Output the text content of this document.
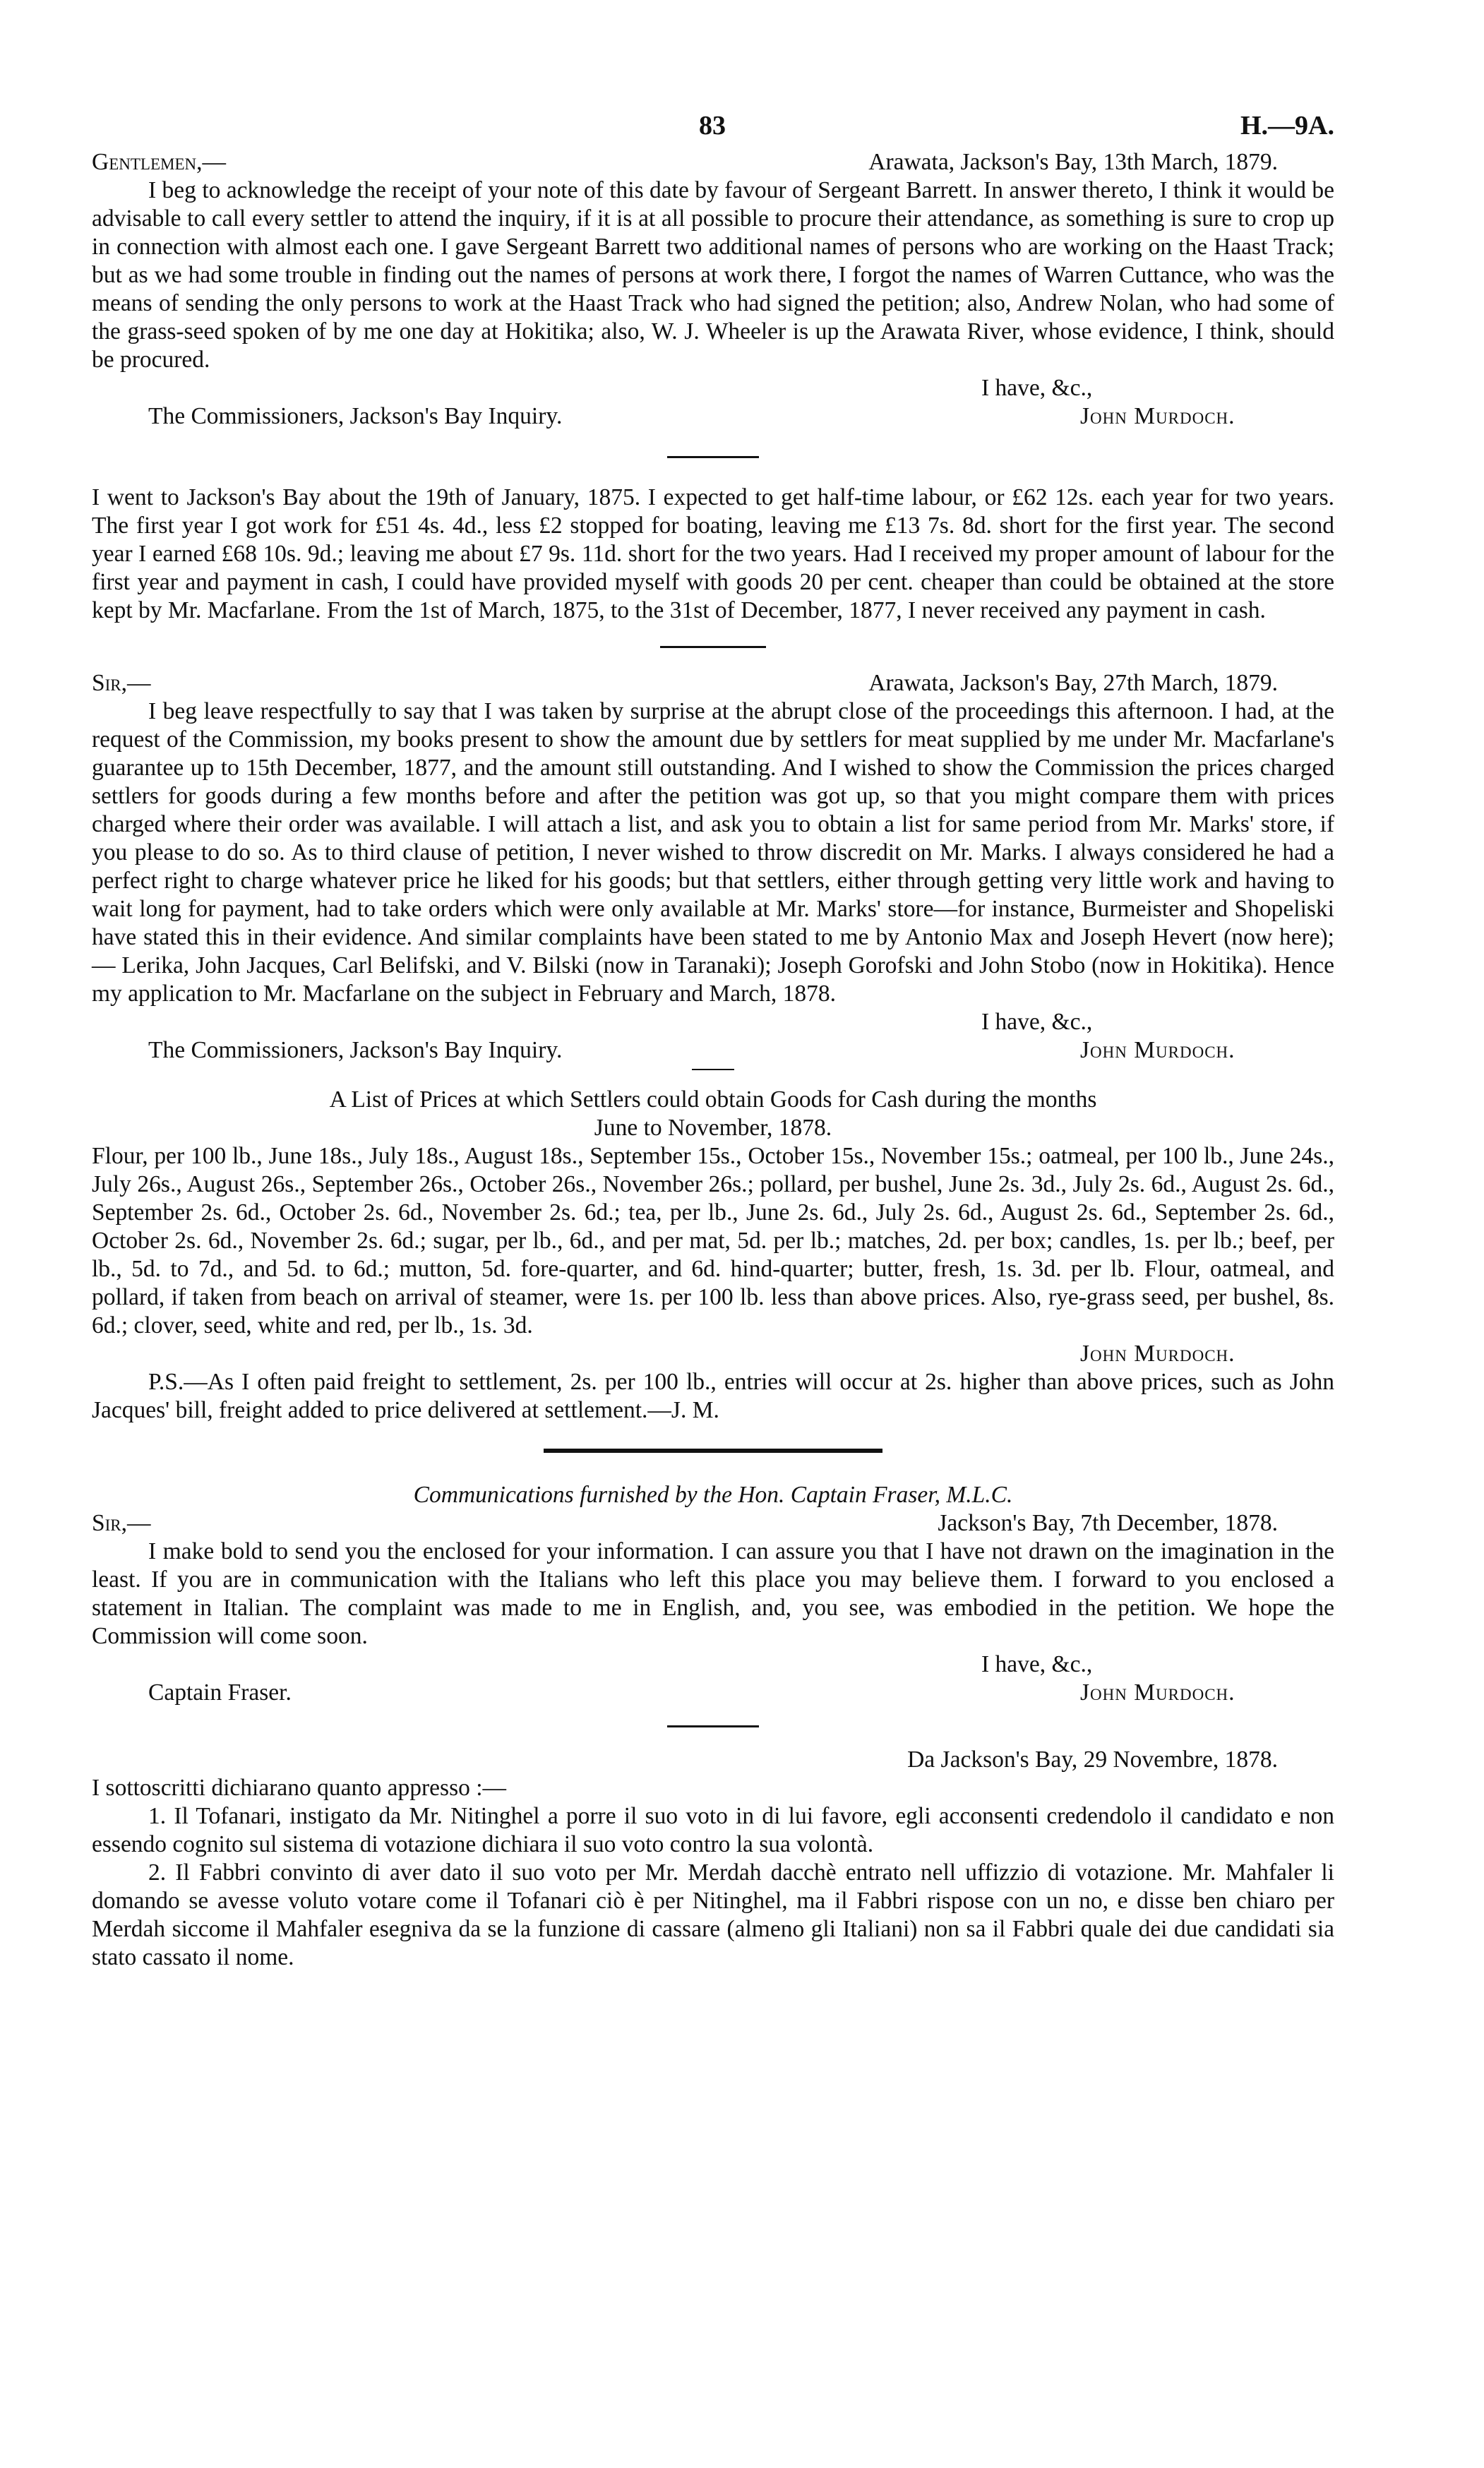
83	H.—9A.
Gentlemen,—	Arawata, Jackson's Bay, 13th March, 1879.

I beg to acknowledge the receipt of your note of this date by favour of Sergeant Barrett. In answer thereto, I think it would be advisable to call every settler to attend the inquiry, if it is at all possible to procure their attendance, as something is sure to crop up in connection with almost each one. I gave Sergeant Barrett two additional names of persons who are working on the Haast Track; but as we had some trouble in finding out the names of persons at work there, I forgot the names of Warren Cuttance, who was the means of sending the only persons to work at the Haast Track who had signed the petition; also, Andrew Nolan, who had some of the grass-seed spoken of by me one day at Hokitika; also, W. J. Wheeler is up the Arawata River, whose evidence, I think, should be procured.

I have, &c.,
The Commissioners, Jackson's Bay Inquiry.	John Murdoch.

I went to Jackson's Bay about the 19th of January, 1875. I expected to get half-time labour, or £62 12s. each year for two years. The first year I got work for £51 4s. 4d., less £2 stopped for boating, leaving me £13 7s. 8d. short for the first year. The second year I earned £68 10s. 9d.; leaving me about £7 9s. 11d. short for the two years. Had I received my proper amount of labour for the first year and payment in cash, I could have provided myself with goods 20 per cent. cheaper than could be obtained at the store kept by Mr. Macfarlane. From the 1st of March, 1875, to the 31st of December, 1877, I never received any payment in cash.

Sir,—	Arawata, Jackson's Bay, 27th March, 1879.

I beg leave respectfully to say that I was taken by surprise at the abrupt close of the proceedings this afternoon. I had, at the request of the Commission, my books present to show the amount due by settlers for meat supplied by me under Mr. Macfarlane's guarantee up to 15th December, 1877, and the amount still outstanding. And I wished to show the Commission the prices charged settlers for goods during a few months before and after the petition was got up, so that you might compare them with prices charged where their order was available. I will attach a list, and ask you to obtain a list for same period from Mr. Marks' store, if you please to do so. As to third clause of petition, I never wished to throw discredit on Mr. Marks. I always considered he had a perfect right to charge whatever price he liked for his goods; but that settlers, either through getting very little work and having to wait long for payment, had to take orders which were only available at Mr. Marks' store—for instance, Burmeister and Shopeliski have stated this in their evidence. And similar complaints have been stated to me by Antonio Max and Joseph Hevert (now here); — Lerika, John Jacques, Carl Belifski, and V. Bilski (now in Taranaki); Joseph Gorofski and John Stobo (now in Hokitika). Hence my application to Mr. Macfarlane on the subject in February and March, 1878.

I have, &c.,
The Commissioners, Jackson's Bay Inquiry.	John Murdoch.

A List of Prices at which Settlers could obtain Goods for Cash during the months

June to November, 1878.

Flour, per 100 lb., June 18s., July 18s., August 18s., September 15s., October 15s., November 15s.; oatmeal, per 100 lb., June 24s., July 26s., August 26s., September 26s., October 26s., November 26s.; pollard, per bushel, June 2s. 3d., July 2s. 6d., August 2s. 6d., September 2s. 6d., October 2s. 6d., November 2s. 6d.; tea, per lb., June 2s. 6d., July 2s. 6d., August 2s. 6d., September 2s. 6d., October 2s. 6d., November 2s. 6d.; sugar, per lb., 6d., and per mat, 5d. per lb.; matches, 2d. per box; candles, 1s. per lb.; beef, per lb., 5d. to 7d., and 5d. to 6d.; mutton, 5d. fore-quarter, and 6d. hind-quarter; butter, fresh, 1s. 3d. per lb. Flour, oatmeal, and pollard, if taken from beach on arrival of steamer, were 1s. per 100 lb. less than above prices. Also, rye-grass seed, per bushel, 8s. 6d.; clover, seed, white and red, per lb., 1s. 3d.

John Murdoch.

P.S.—As I often paid freight to settlement, 2s. per 100 lb., entries will occur at 2s. higher than above prices, such as John Jacques' bill, freight added to price delivered at settlement.—J. M.

Communications furnished by the Hon. Captain Fraser, M.L.C.

Sir,—	Jackson's Bay, 7th December, 1878.

I make bold to send you the enclosed for your information. I can assure you that I have not drawn on the imagination in the least. If you are in communication with the Italians who left this place you may believe them. I forward to you enclosed a statement in Italian. The complaint was made to me in English, and, you see, was embodied in the petition. We hope the Commission will come soon.

I have, &c.,
Captain Fraser.	John Murdoch.

Da Jackson's Bay, 29 Novembre, 1878.

I sottoscritti dichiarano quanto appresso :—

1. Il Tofanari, instigato da Mr. Nitinghel a porre il suo voto in di lui favore, egli acconsenti credendolo il candidato e non essendo cognito sul sistema di votazione dichiara il suo voto contro la sua volontà.

2. Il Fabbri convinto di aver dato il suo voto per Mr. Merdah dacchè entrato nell uffizzio di votazione. Mr. Mahfaler li domando se avesse voluto votare come il Tofanari ciò è per Nitinghel, ma il Fabbri rispose con un no, e disse ben chiaro per Merdah siccome il Mahfaler esegniva da se la funzione di cassare (almeno gli Italiani) non sa il Fabbri quale dei due candidati sia stato cassato il nome.
